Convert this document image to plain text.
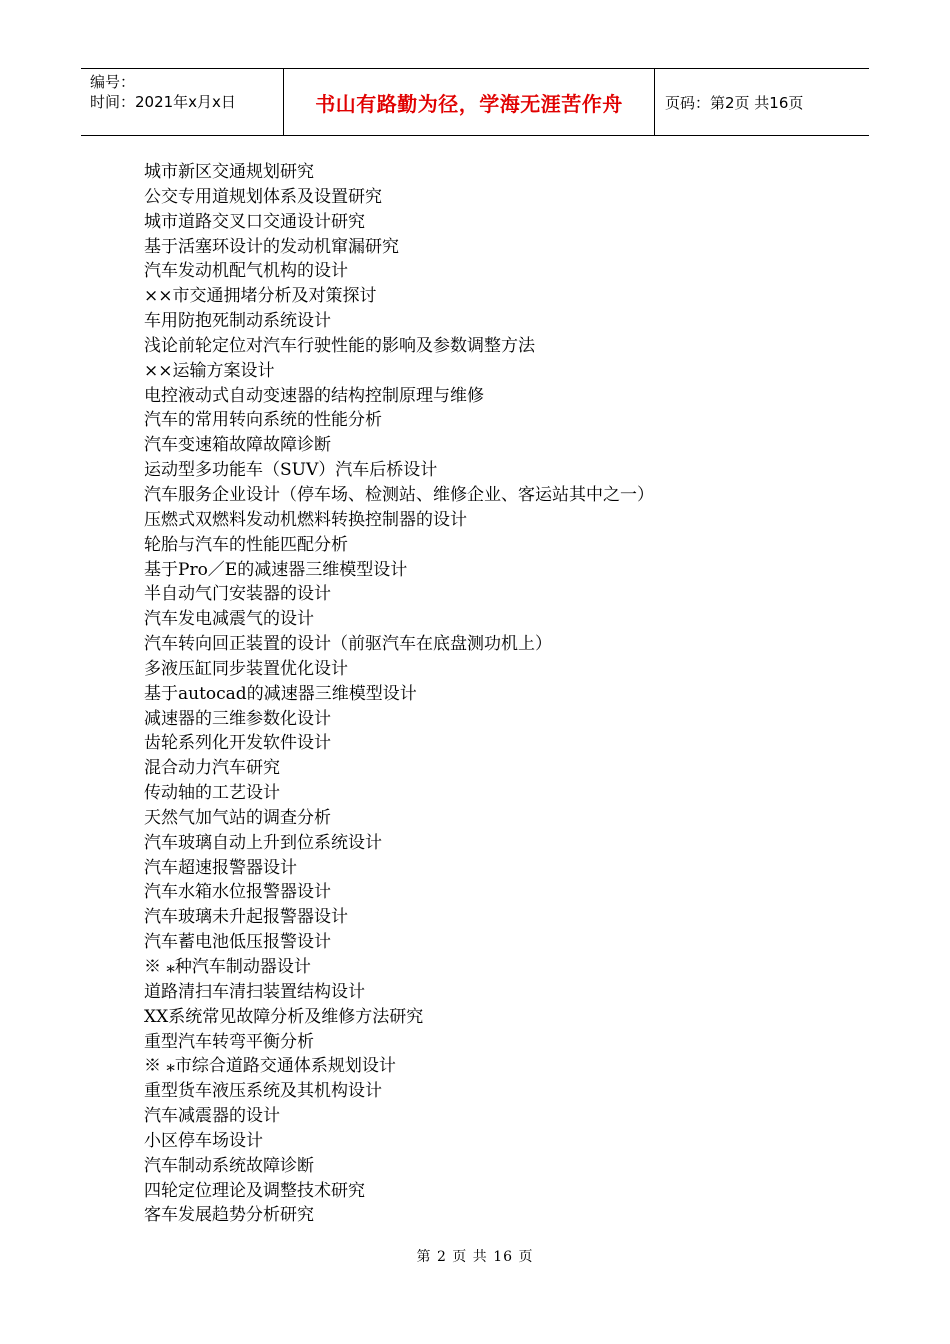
编号：
时间：2021年x月x日	书山有路勤为径，学海无涯苦作舟	页码：第2页 共16页
城市新区交通规划研究
公交专用道规划体系及设置研究
城市道路交叉口交通设计研究
基于活塞环设计的发动机窜漏研究
汽车发动机配气机构的设计
××市交通拥堵分析及对策探讨
车用防抱死制动系统设计
浅论前轮定位对汽车行驶性能的影响及参数调整方法
××运输方案设计
电控液动式自动变速器的结构控制原理与维修
汽车的常用转向系统的性能分析
汽车变速箱故障故障诊断
运动型多功能车（SUV）汽车后桥设计
汽车服务企业设计（停车场、检测站、维修企业、客运站其中之一）
压燃式双燃料发动机燃料转换控制器的设计
轮胎与汽车的性能匹配分析
基于Pro／E的减速器三维模型设计
半自动气门安装器的设计
汽车发电减震气的设计
汽车转向回正装置的设计（前驱汽车在底盘测功机上）
多液压缸同步装置优化设计
基于autocad的减速器三维模型设计
减速器的三维参数化设计
齿轮系列化开发软件设计
混合动力汽车研究
传动轴的工艺设计
天然气加气站的调查分析
汽车玻璃自动上升到位系统设计
汽车超速报警器设计
汽车水箱水位报警器设计
汽车玻璃未升起报警器设计
汽车蓄电池低压报警设计
※ ⁎种汽车制动器设计
道路清扫车清扫装置结构设计
XX系统常见故障分析及维修方法研究
重型汽车转弯平衡分析
※ ⁎市综合道路交通体系规划设计
重型货车液压系统及其机构设计
汽车减震器的设计
小区停车场设计
汽车制动系统故障诊断
四轮定位理论及调整技术研究
客车发展趋势分析研究
第 2 页 共 16 页
